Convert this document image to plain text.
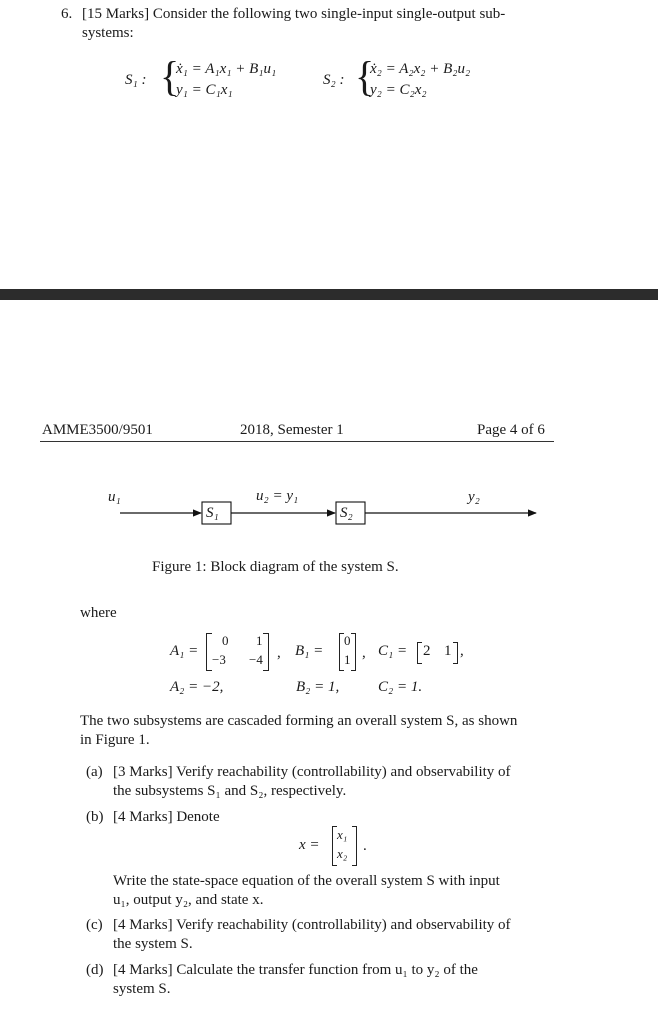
6. [15 Marks] Consider the following two single-input single-output sub-
systems:
S₁ : {
ẋ₁ = A₁x₁ + B₁u₁
y₁ = C₁x₁
S₂ : {
ẋ₂ = A₂x₂ + B₂u₂
y₂ = C₂x₂
AMME3500/9501	2018, Semester 1	Page 4 of 6
u₁
S₁
u₂ = y₁
S₂
y₂
Figure 1: Block diagram of the system S.
where
A₁ =
0 1
−3 −4 , B₁ =
0
1 , C₁ = 2 1 ,
A₂ = −2,	B₂ = 1,	C₂ = 1.
The two subsystems are cascaded forming an overall system S, as shown
in Figure 1.
(a) [3 Marks] Verify reachability (controllability) and observability of
the subsystems S₁ and S₂, respectively.
(b) [4 Marks] Denote
x =
x₁
x₂ .
Write the state-space equation of the overall system S with input
u₁, output y₂, and state x.
(c) [4 Marks] Verify reachability (controllability) and observability of
the system S.
(d) [4 Marks] Calculate the transfer function from u₁ to y₂ of the
system S.
